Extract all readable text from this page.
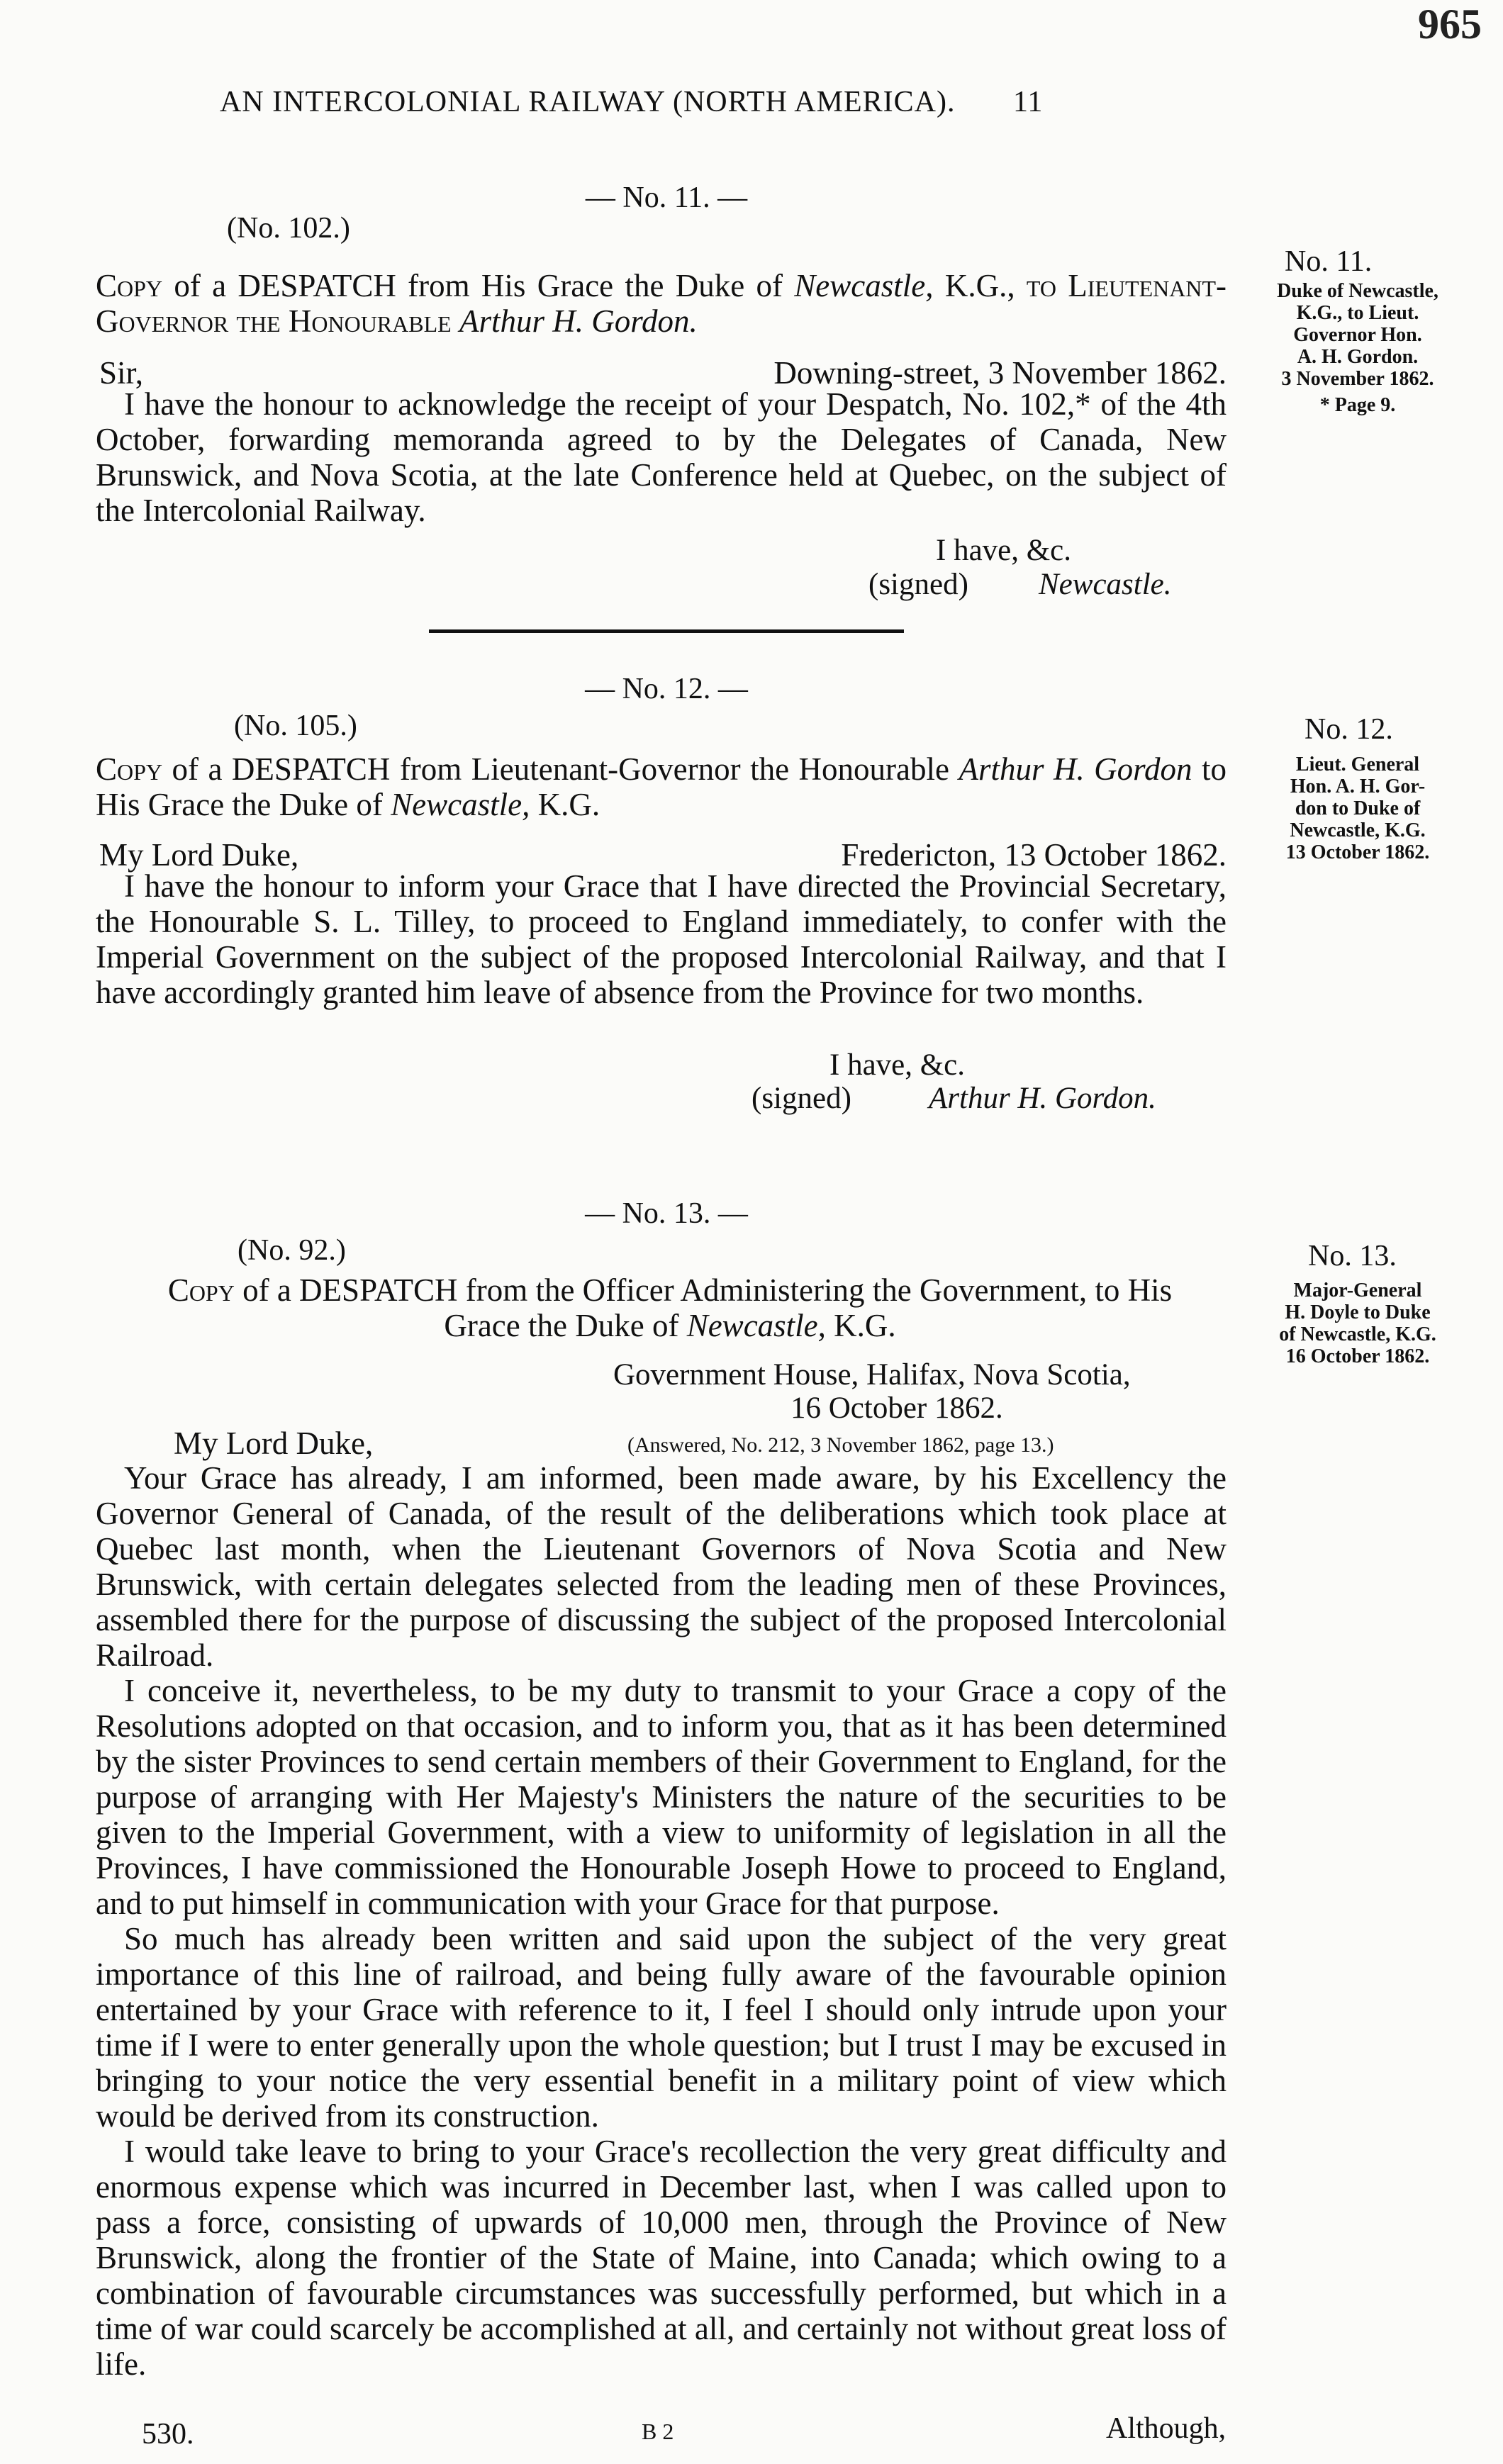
965
AN INTERCOLONIAL RAILWAY (NORTH AMERICA). 11
— No. 11. —
(No. 102.)
No. 11.
Duke of Newcastle,
K.G., to Lieut.
Governor Hon.
A. H. Gordon.
3 November 1862.
* Page 9.
Copy of a DESPATCH from His Grace the Duke of Newcastle, K.G., to Lieutenant-Governor the Honourable Arthur H. Gordon.
Sir,	Downing-street, 3 November 1862.

I have the honour to acknowledge the receipt of your Despatch, No. 102,* of the 4th October, forwarding memoranda agreed to by the Delegates of Canada, New Brunswick, and Nova Scotia, at the late Conference held at Quebec, on the subject of the Intercolonial Railway.

I have, &c.
(signed) Newcastle.
— No. 12. —
(No. 105.)	No. 12.
Lieut. General
Hon. A. H. Gor-
don to Duke of
Newcastle, K.G.
13 October 1862.
Copy of a DESPATCH from Lieutenant-Governor the Honourable Arthur H. Gordon to His Grace the Duke of Newcastle, K.G.
My Lord Duke,	Fredericton, 13 October 1862.

I have the honour to inform your Grace that I have directed the Provincial Secretary, the Honourable S. L. Tilley, to proceed to England immediately, to confer with the Imperial Government on the subject of the proposed Intercolonial Railway, and that I have accordingly granted him leave of absence from the Province for two months.

I have, &c.
(signed)	Arthur H. Gordon.
— No. 13. —
(No. 92.)	No. 13.
Major-General
H. Doyle to Duke
of Newcastle, K.G.
16 October 1862.
Copy of a DESPATCH from the Officer Administering the Government, to His Grace the Duke of Newcastle, K.G.
Government House, Halifax, Nova Scotia,
16 October 1862.
My Lord Duke,	(Answered, No. 212, 3 November 1862, page 13.)

Your Grace has already, I am informed, been made aware, by his Excellency the Governor General of Canada, of the result of the deliberations which took place at Quebec last month, when the Lieutenant Governors of Nova Scotia and New Brunswick, with certain delegates selected from the leading men of these Provinces, assembled there for the purpose of discussing the subject of the proposed Intercolonial Railroad.

I conceive it, nevertheless, to be my duty to transmit to your Grace a copy of the Resolutions adopted on that occasion, and to inform you, that as it has been determined by the sister Provinces to send certain members of their Government to England, for the purpose of arranging with Her Majesty's Ministers the nature of the securities to be given to the Imperial Government, with a view to uniformity of legislation in all the Provinces, I have commissioned the Honourable Joseph Howe to proceed to England, and to put himself in communication with your Grace for that purpose.

So much has already been written and said upon the subject of the very great importance of this line of railroad, and being fully aware of the favourable opinion entertained by your Grace with reference to it, I feel I should only intrude upon your time if I were to enter generally upon the whole question; but I trust I may be excused in bringing to your notice the very essential benefit in a military point of view which would be derived from its construction.

I would take leave to bring to your Grace's recollection the very great difficulty and enormous expense which was incurred in December last, when I was called upon to pass a force, consisting of upwards of 10,000 men, through the Province of New Brunswick, along the frontier of the State of Maine, into Canada; which owing to a combination of favourable circumstances was successfully performed, but which in a time of war could scarcely be accomplished at all, and certainly not without great loss of life.

530.	B 2	Although,
